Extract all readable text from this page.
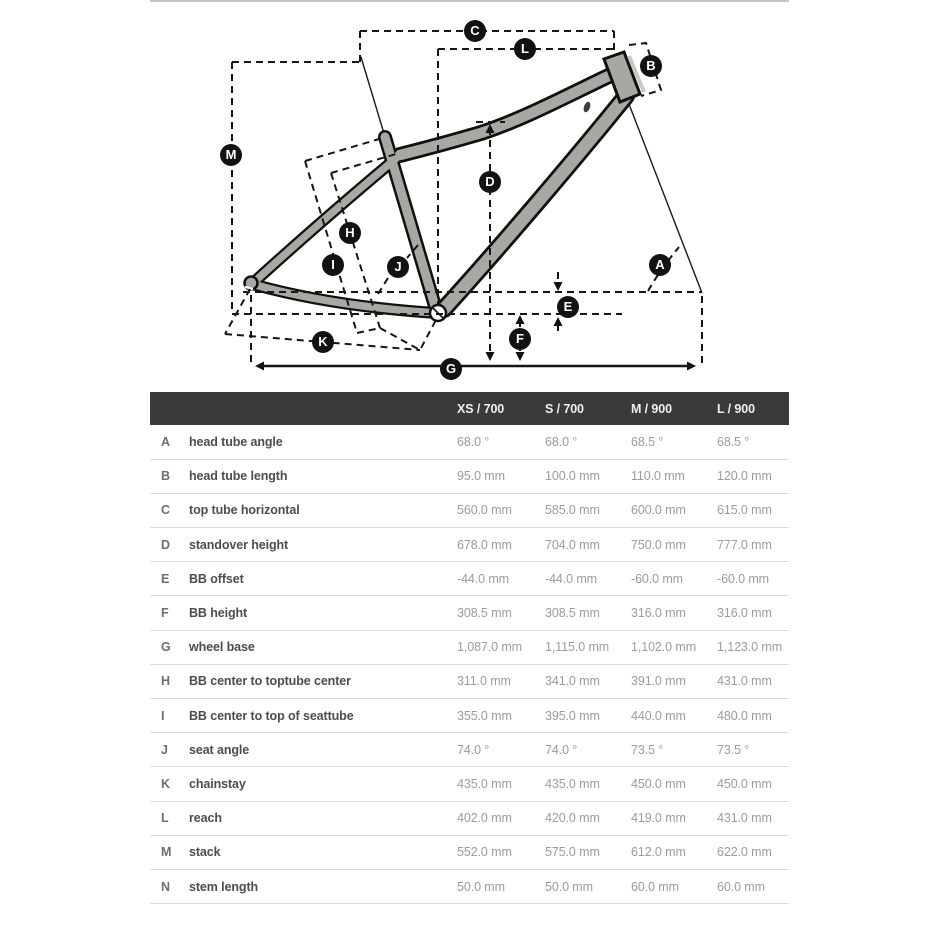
A
B
C
D
E
F
G
H
I	J
K
L
M
		XS / 700	S / 700	M / 900	L / 900
A	head tube angle	68.0 °	68.0 °	68.5 °	68.5 °
B	head tube length	95.0 mm	100.0 mm	110.0 mm	120.0 mm
C	top tube horizontal	560.0 mm	585.0 mm	600.0 mm	615.0 mm
D	standover height	678.0 mm	704.0 mm	750.0 mm	777.0 mm
E	BB offset	-44.0 mm	-44.0 mm	-60.0 mm	-60.0 mm
F	BB height	308.5 mm	308.5 mm	316.0 mm	316.0 mm
G	wheel base	1,087.0 mm	1,115.0 mm	1,102.0 mm	1,123.0 mm
H	BB center to toptube center	311.0 mm	341.0 mm	391.0 mm	431.0 mm
I	BB center to top of seattube	355.0 mm	395.0 mm	440.0 mm	480.0 mm
J	seat angle	74.0 °	74.0 °	73.5 °	73.5 °
K	chainstay	435.0 mm	435.0 mm	450.0 mm	450.0 mm
L	reach	402.0 mm	420.0 mm	419.0 mm	431.0 mm
M	stack	552.0 mm	575.0 mm	612.0 mm	622.0 mm
N	stem length	50.0 mm	50.0 mm	60.0 mm	60.0 mm
